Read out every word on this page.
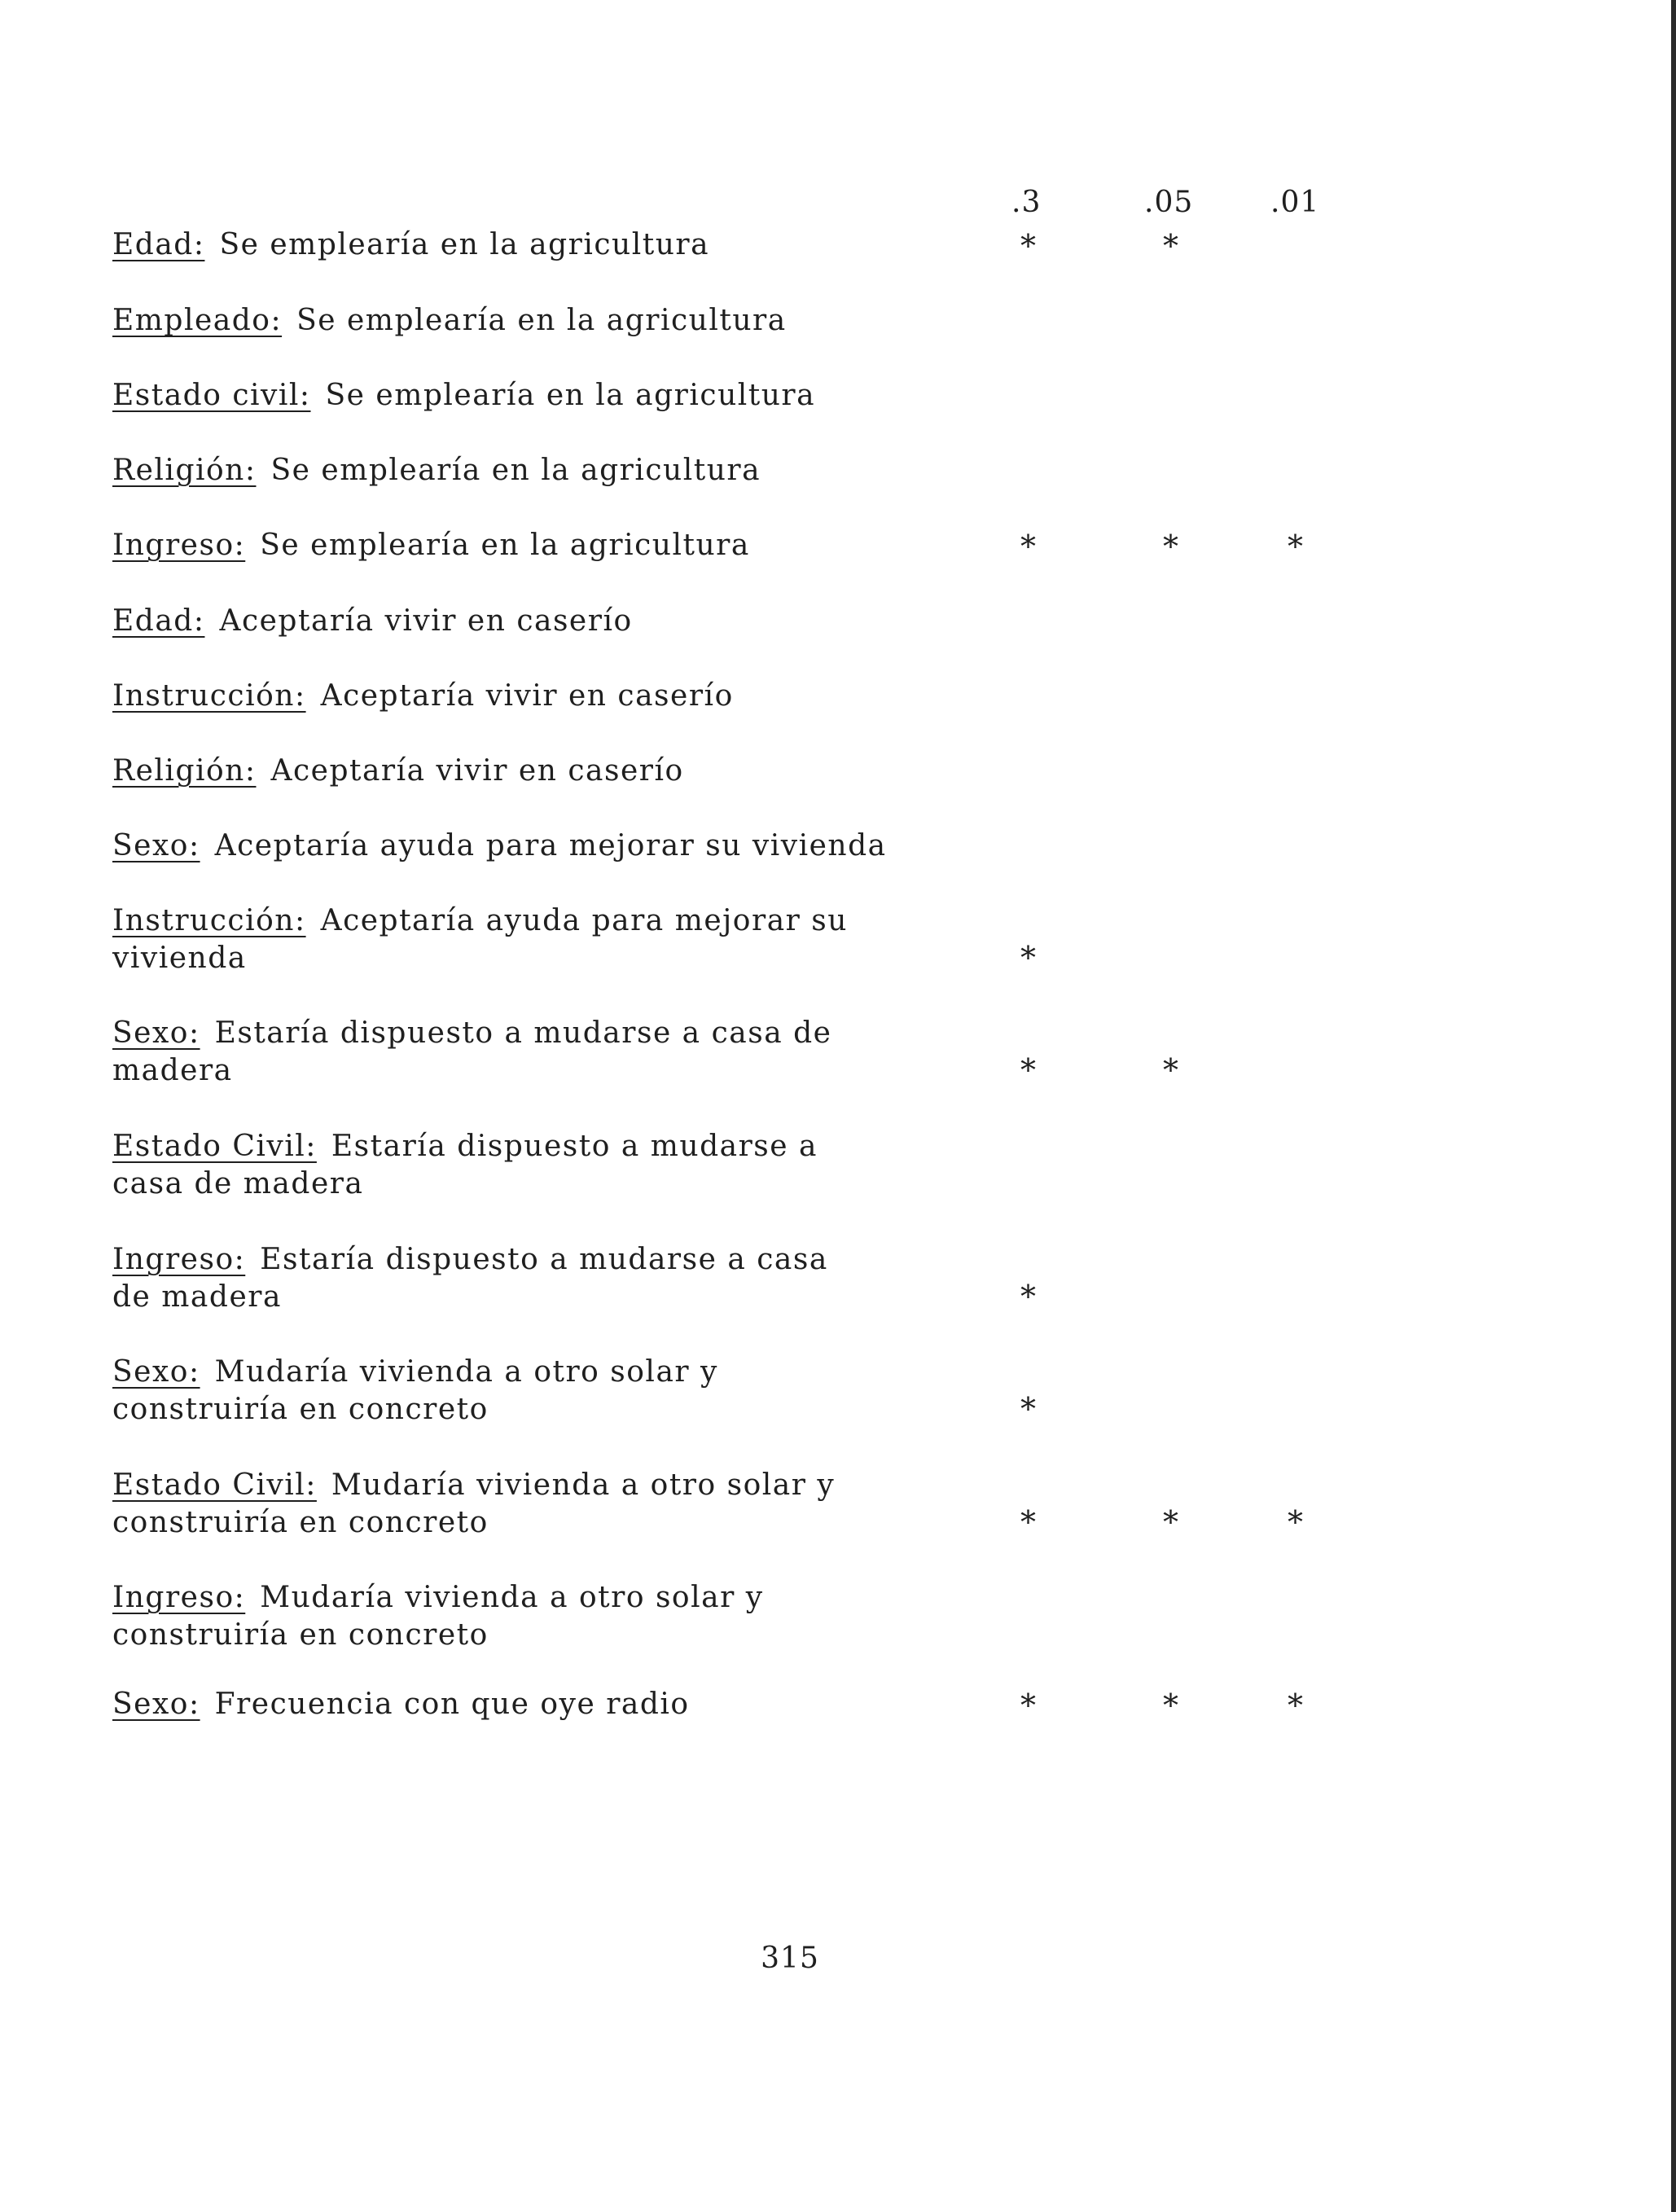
.3	.05	.01
Edad: Se emplearía en la agricultura	*	*
Empleado: Se emplearía en la agricultura
Estado civil: Se emplearía en la agricultura
Religión: Se emplearía en la agricultura
Ingreso: Se emplearía en la agricultura	*	*	*
Edad: Aceptaría vivir en caserío
Instrucción: Aceptaría vivir en caserío
Religión: Aceptaría vivir en caserío
Sexo: Aceptaría ayuda para mejorar su vivienda
Instrucción: Aceptaría ayuda para mejorar su vivienda	*
Sexo: Estaría dispuesto a mudarse a casa de madera	*	*
Estado Civil: Estaría dispuesto a mudarse a casa de madera
Ingreso: Estaría dispuesto a mudarse a casa de madera	*
Sexo: Mudaría vivienda a otro solar y construiría en concreto	*
Estado Civil: Mudaría vivienda a otro solar y construiría en concreto	*	*	*
Ingreso: Mudaría vivienda a otro solar y construiría en concreto
Sexo: Frecuencia con que oye radio	*	*	*
315
